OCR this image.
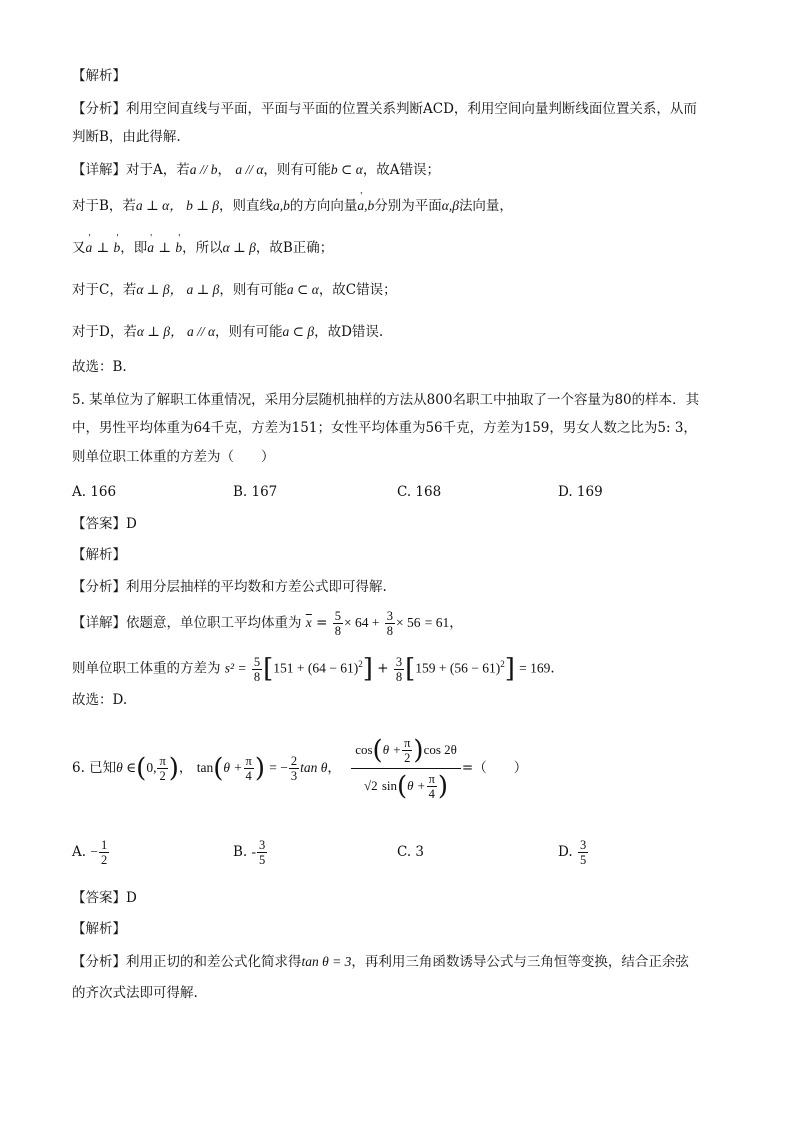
【解析】
【分析】利用空间直线与平面，平面与平面的位置关系判断ACD，利用空间向量判断线面位置关系，从而
判断B，由此得解.
【详解】对于A，若a // b， a // α，则有可能b ⊂ α，故A错误；
对于B，若a ⊥ α， b ⊥ β，则直线a,b的方向向量' a,b分别为平面α,β法向量，
又' a ⊥ ' b，即' a ⊥ ' b，所以α ⊥ β，故B正确；
对于C，若α ⊥ β， a ⊥ β，则有可能a ⊂ α，故C错误；
对于D，若α ⊥ β， a // α，则有可能a ⊂ β，故D错误.
故选：B.
5. 某单位为了解职工体重情况，采用分层随机抽样的方法从800名职工中抽取了一个容量为80的样本．其
中，男性平均体重为64千克，方差为151；女性平均体重为56千克，方差为159，男女人数之比为5: 3，
则单位职工体重的方差为（　　）
A. 166	B. 167	C. 168	D. 169
【答案】D
【解析】
【分析】利用分层抽样的平均数和方差公式即可得解.
【详解】依题意，单位职工平均体重为 $\overline{x} = \frac{5}{8} \times 64 + \frac{3}{8} \times 56 = 61$，
则单位职工体重的方差为 $s^2 = \frac{5}{8} [151 + (64 - 61)^2] + \frac{3}{8} [159 + (56 - 61)^2] = 169$.
故选：D.
6. 已知θ ∈(0, $\frac{\pi}{2}$ )， $\tan(\theta + \frac{\pi}{4}$ ) = − $\frac{2}{3}$ tan θ， $\frac{\cos(\theta + \frac{\pi}{2} )\cos 2\theta}{√2 \sin(\theta + \frac{\pi}{4} )}$ =（　　）
A. − $\frac{1}{2}$	B. - $\frac{3}{5}$	C. 3	D. $\frac{3}{5}$
【答案】D
【解析】
【分析】利用正切的和差公式化简求得tan θ = 3，再利用三角函数诱导公式与三角恒等变换，结合正余弦
的齐次式法即可得解.
